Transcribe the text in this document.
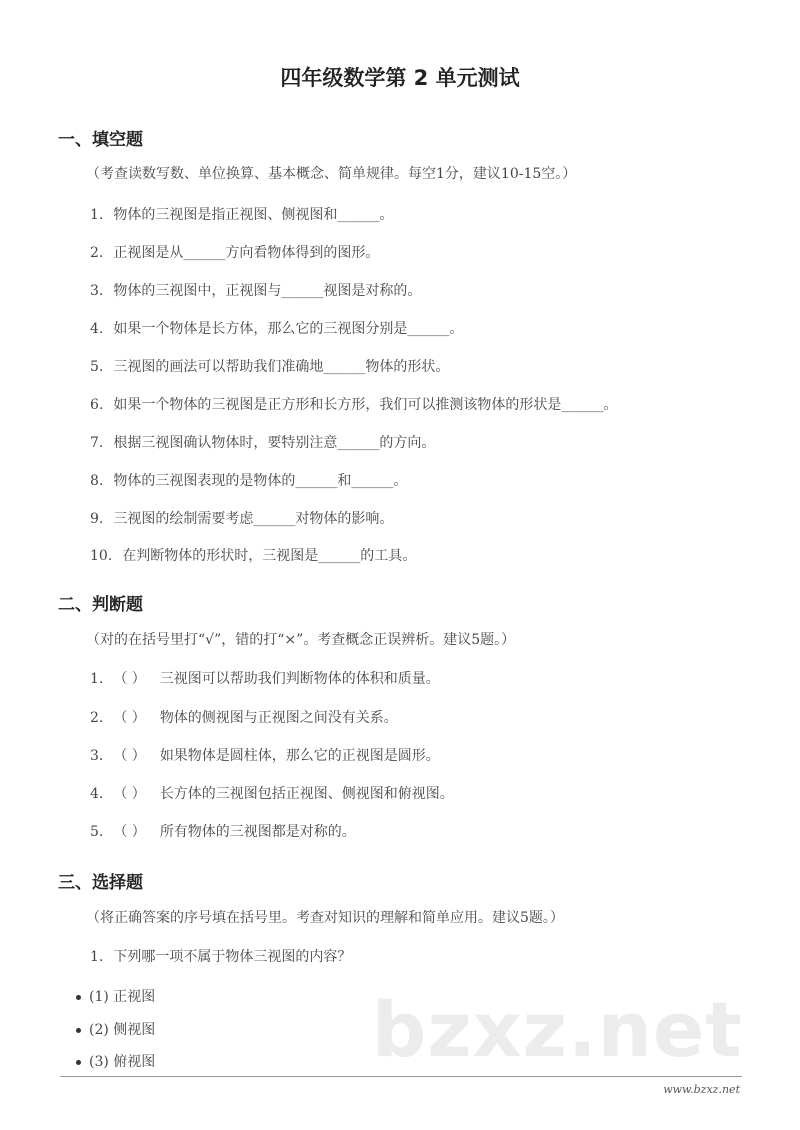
四年级数学第 2 单元测试
一、填空题
（考查读数写数、单位换算、基本概念、简单规律。每空1分，建议10-15空。）
1. 物体的三视图是指正视图、侧视图和______。
2. 正视图是从______方向看物体得到的图形。
3. 物体的三视图中，正视图与______视图是对称的。
4. 如果一个物体是长方体，那么它的三视图分别是______。
5. 三视图的画法可以帮助我们准确地______物体的形状。
6. 如果一个物体的三视图是正方形和长方形，我们可以推测该物体的形状是______。
7. 根据三视图确认物体时，要特别注意______的方向。
8. 物体的三视图表现的是物体的______和______。
9. 三视图的绘制需要考虑______对物体的影响。
10. 在判断物体的形状时，三视图是______的工具。
二、判断题
（对的在括号里打“√”，错的打“×”。考查概念正误辨析。建议5题。）
1. （ ） 三视图可以帮助我们判断物体的体积和质量。
2. （ ） 物体的侧视图与正视图之间没有关系。
3. （ ） 如果物体是圆柱体，那么它的正视图是圆形。
4. （ ） 长方体的三视图包括正视图、侧视图和俯视图。
5. （ ） 所有物体的三视图都是对称的。
三、选择题
（将正确答案的序号填在括号里。考查对知识的理解和简单应用。建议5题。）
1. 下列哪一项不属于物体三视图的内容？
bzxz.net
(1) 正视图
(2) 侧视图
(3) 俯视图
www.bzxz.net
